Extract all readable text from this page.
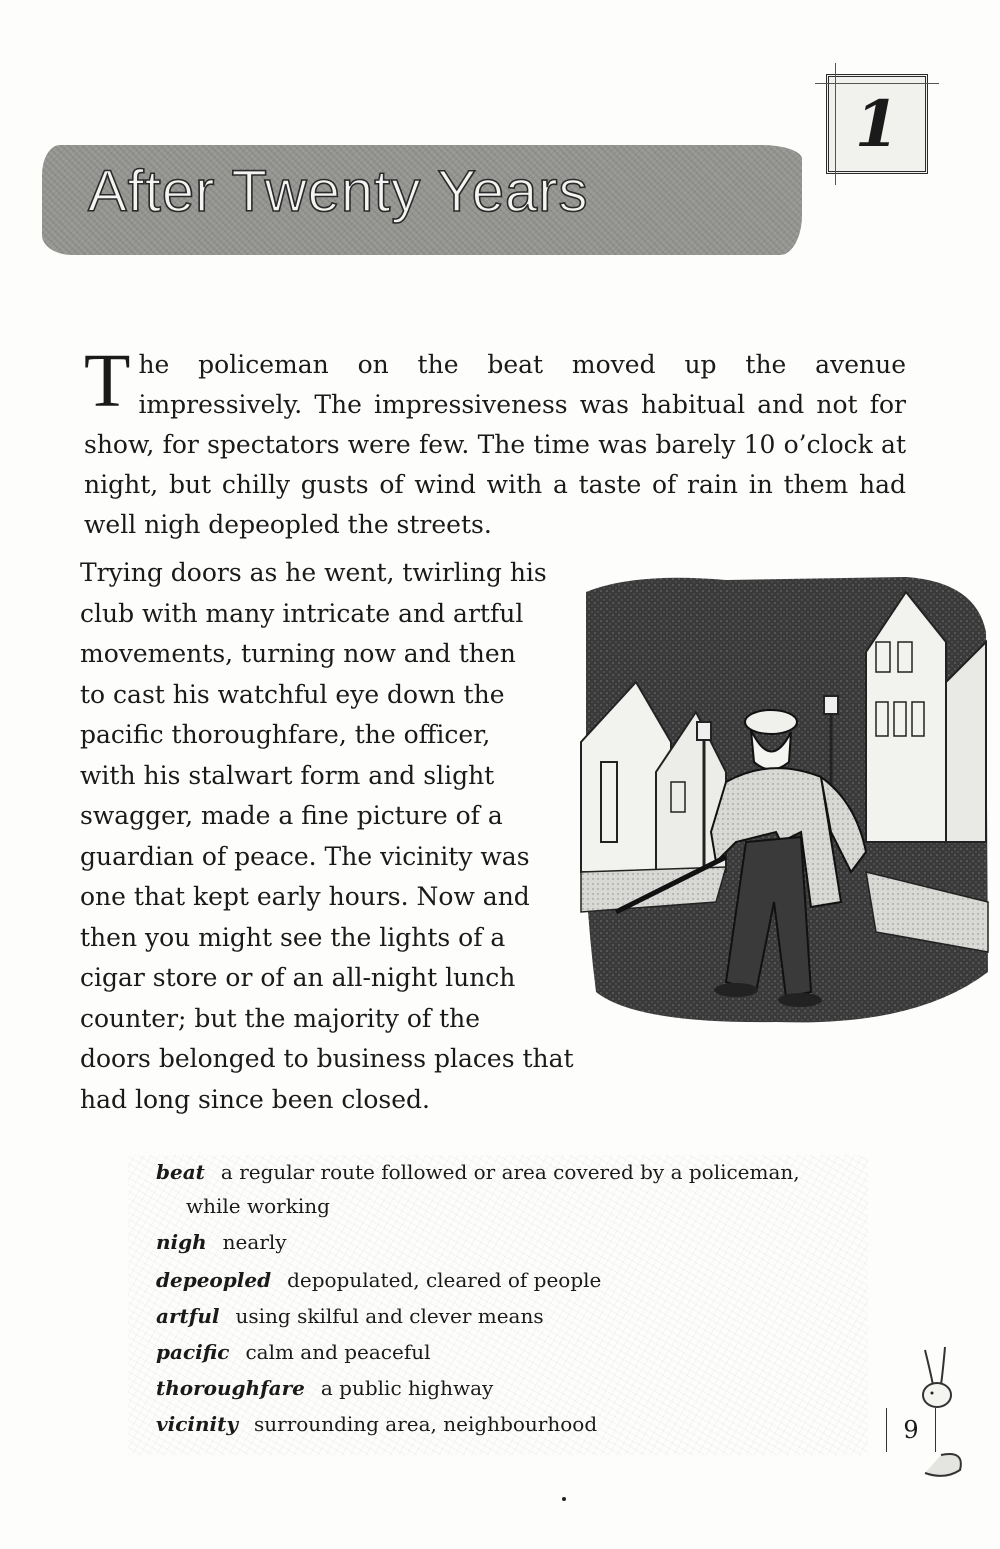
After Twenty Years
1
The policeman on the beat moved up the avenue impressively. The impressiveness was habitual and not for show, for spectators were few. The time was barely 10 o’clock at night, but chilly gusts of wind with a taste of rain in them had well nigh depeopled the streets.
Trying doors as he went, twirling his
club with many intricate and artful
movements, turning now and then
to cast his watchful eye down the
pacific thoroughfare, the officer,
with his stalwart form and slight
swagger, made a fine picture of a
guardian of peace. The vicinity was
one that kept early hours. Now and
then you might see the lights of a
cigar store or of an all-night lunch
counter; but the majority of the
doors belonged to business places that
had long since been closed.
beat a regular route followed or area covered by a policeman,
while working
nigh nearly
depeopled depopulated, cleared of people
artful using skilful and clever means
pacific calm and peaceful
thoroughfare a public highway
vicinity surrounding area, neighbourhood	9
